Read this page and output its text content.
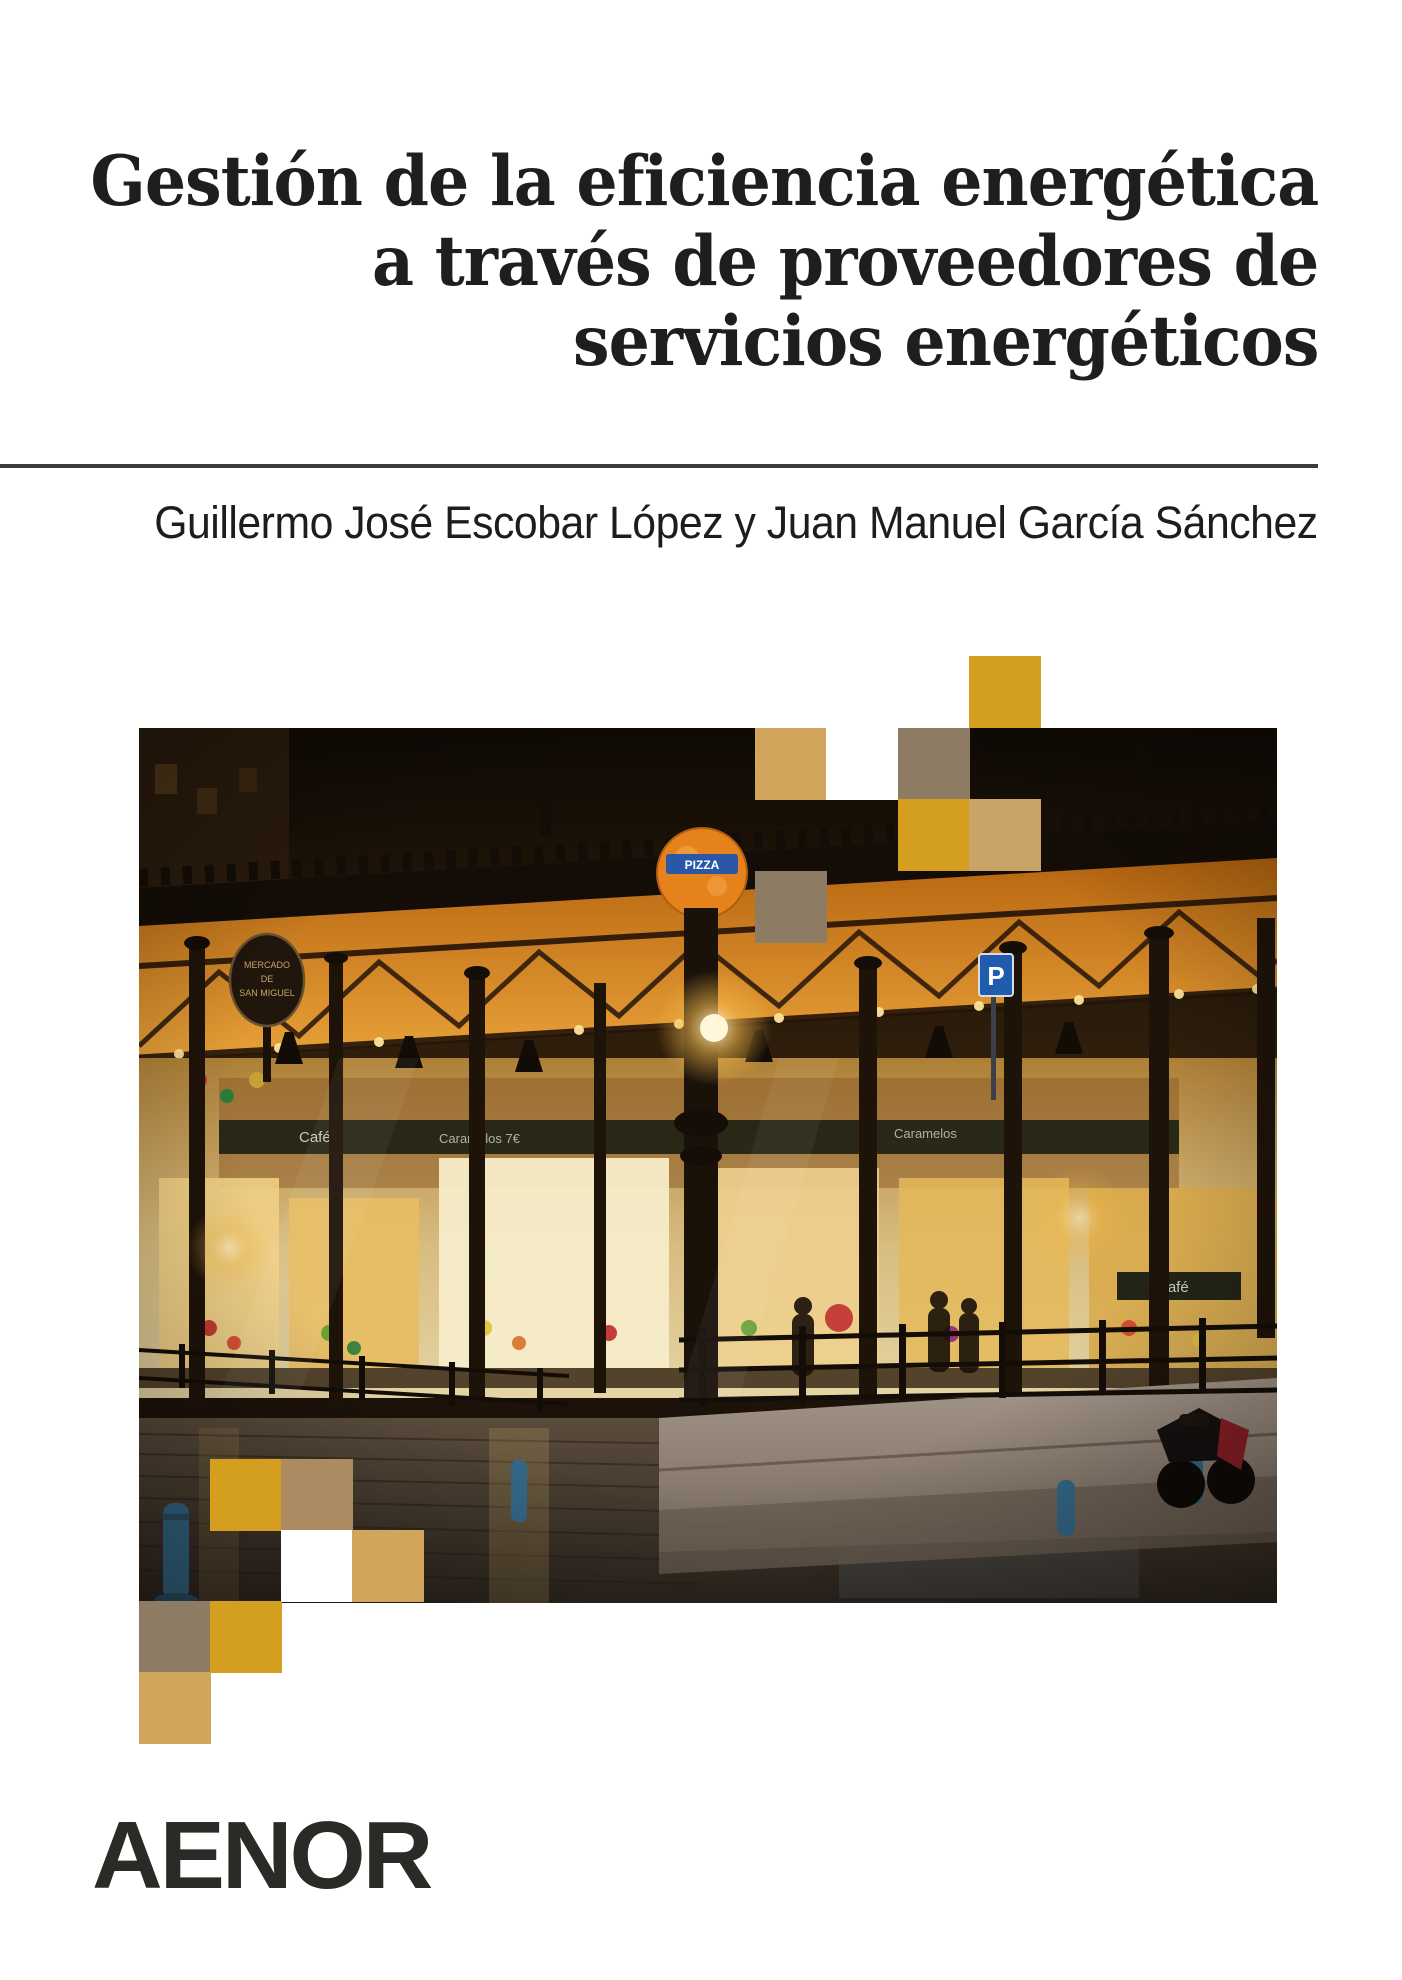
Gestión de la eficiencia energética
a través de proveedores de
servicios energéticos
Guillermo José Escobar López y Juan Manuel García Sánchez
AENOR
